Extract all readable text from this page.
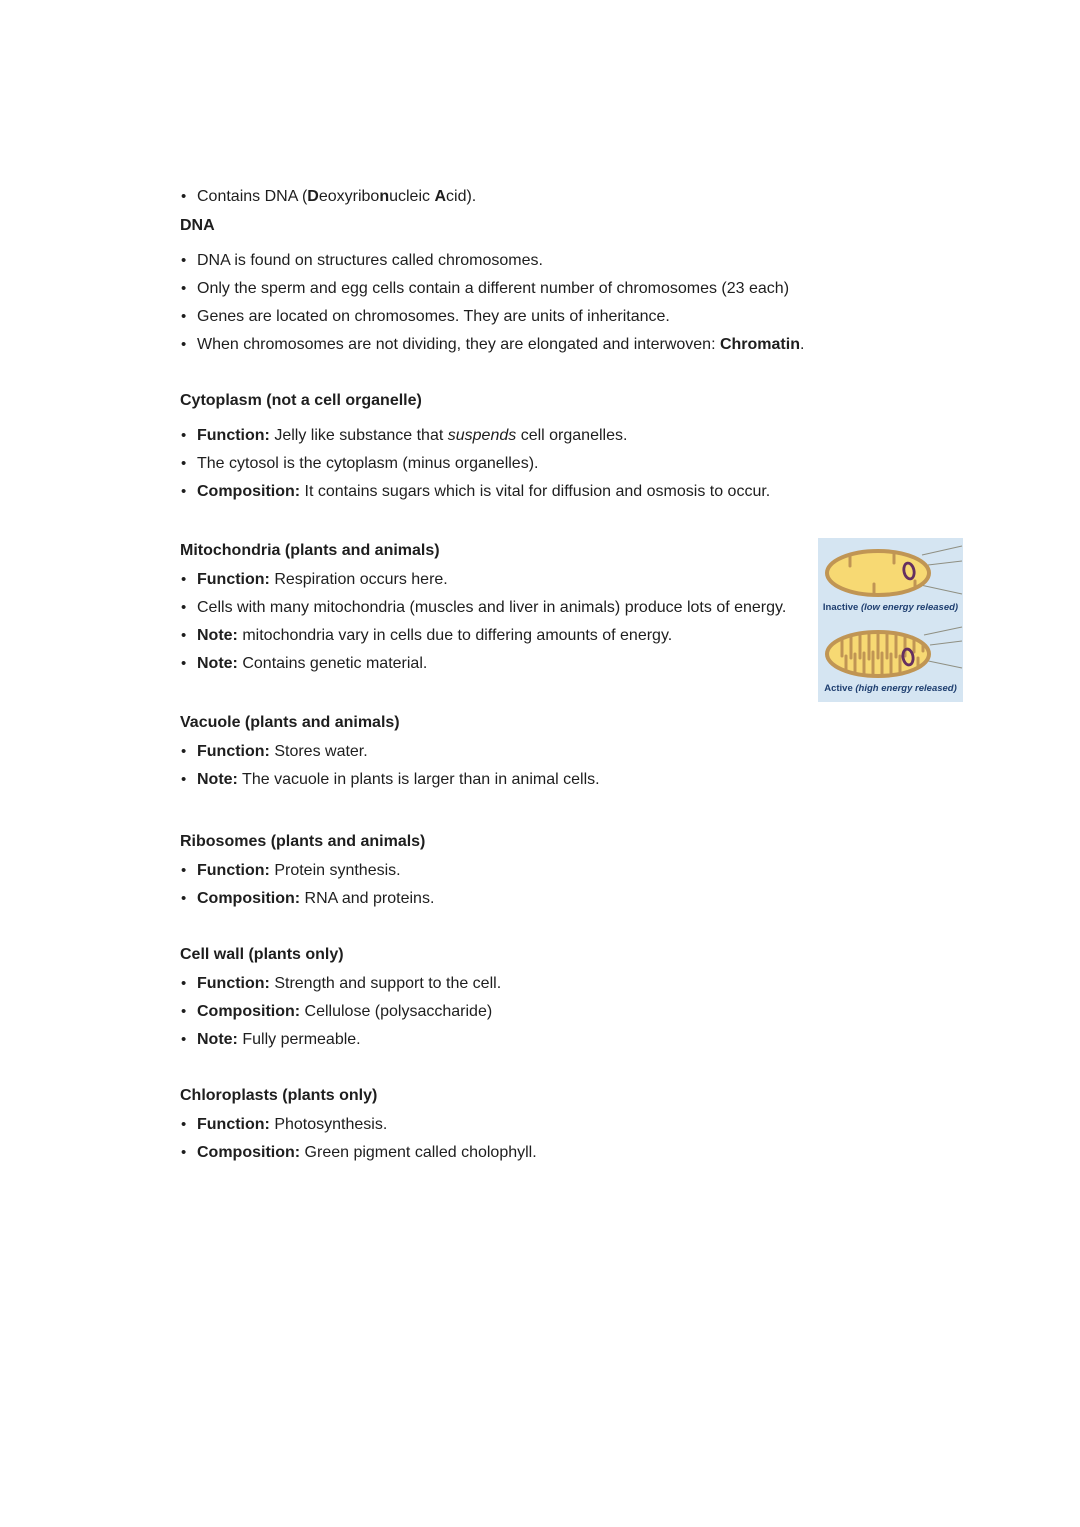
• Contains DNA (Deoxyribonucleic Acid).
DNA
• DNA is found on structures called chromosomes.
• Only the sperm and egg cells contain a different number of chromosomes (23 each)
• Genes are located on chromosomes. They are units of inheritance.
• When chromosomes are not dividing, they are elongated and interwoven: Chromatin.
Cytoplasm (not a cell organelle)
• Function: Jelly like substance that suspends cell organelles.
• The cytosol is the cytoplasm (minus organelles).
• Composition: It contains sugars which is vital for diffusion and osmosis to occur.
Mitochondria (plants and animals)
• Function: Respiration occurs here.
• Cells with many mitochondria (muscles and liver in animals) produce lots of energy.
• Note: mitochondria vary in cells due to differing amounts of energy.
• Note: Contains genetic material.
Vacuole (plants and animals)
• Function: Stores water.
• Note: The vacuole in plants is larger than in animal cells.
Ribosomes (plants and animals)
• Function: Protein synthesis.
• Composition: RNA and proteins.
Cell wall (plants only)
• Function: Strength and support to the cell.
• Composition: Cellulose (polysaccharide)
• Note: Fully permeable.
Chloroplasts (plants only)
• Function: Photosynthesis.
• Composition: Green pigment called cholophyll.
Inactive (low energy released)
Active (high energy released)
